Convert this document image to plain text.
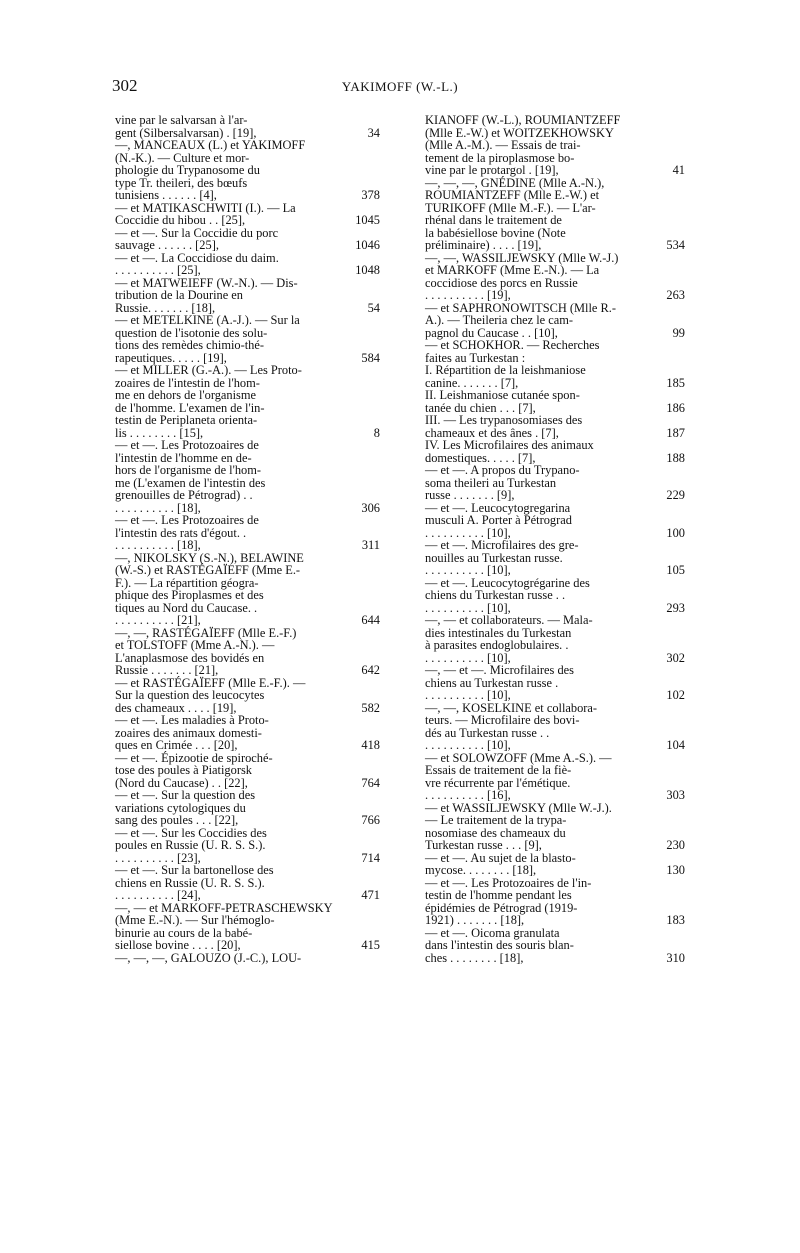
302	YAKIMOFF (W.-L.)
vine par le salvarsan à l'ar-
gent (Silbersalvarsan) . [19],	34
—, MANCEAUX (L.) et YAKIMOFF
(N.-K.). — Culture et mor-
phologie du Trypanosome du
type Tr. theileri, des bœufs
tunisiens . . . . . . [4],	378
— et MATIKASCHWITI (I.). — La
Coccidie du hibou . . [25],	1045
— et —. Sur la Coccidie du porc
sauvage . . . . . . [25],	1046
— et —. La Coccidiose du daim.
. . . . . . . . . . [25],	1048
— et MATWEIEFF (W.-N.). — Dis-
tribution de la Dourine en
Russie. . . . . . . [18],	54
— et METELKINE (A.-J.). — Sur la
question de l'isotonie des solu-
tions des remèdes chimio-thé-
rapeutiques. . . . . [19],	584
— et MILLER (G.-A.). — Les Proto-
zoaires de l'intestin de l'hom-
me en dehors de l'organisme
de l'homme. L'examen de l'in-
testin de Periplaneta orienta-
lis . . . . . . . . [15],	8
— et —. Les Protozoaires de
l'intestin de l'homme en de-
hors de l'organisme de l'hom-
me (L'examen de l'intestin des
grenouilles de Pétrograd) . .
. . . . . . . . . . [18],	306
— et —. Les Protozoaires de
l'intestin des rats d'égout. .
. . . . . . . . . . [18],	311
—, NIKOLSKY (S.-N.), BELAWINE
(W.-S.) et RASTÉGAÏEFF (Mme E.-
F.). — La répartition géogra-
phique des Piroplasmes et des
tiques au Nord du Caucase. .
. . . . . . . . . . [21],	644
—, —, RASTÉGAÏEFF (Mlle E.-F.)
et TOLSTOFF (Mme A.-N.). —
L'anaplasmose des bovidés en
Russie . . . . . . . [21],	642
— et RASTÉGAÏEFF (Mlle E.-F.). —
Sur la question des leucocytes
des chameaux . . . . [19],	582
— et —. Les maladies à Proto-
zoaires des animaux domesti-
ques en Crimée . . . [20],	418
— et —. Épizootie de spiroché-
tose des poules à Piatigorsk
(Nord du Caucase) . . [22],	764
— et —. Sur la question des
variations cytologiques du
sang des poules . . . [22],	766
— et —. Sur les Coccidies des
poules en Russie (U. R. S. S.).
. . . . . . . . . . [23],	714
— et —. Sur la bartonellose des
chiens en Russie (U. R. S. S.).
. . . . . . . . . . [24],	471
—, — et MARKOFF-PETRASCHEWSKY
(Mme E.-N.). — Sur l'hémoglo-
binurie au cours de la babé-
siellose bovine . . . . [20],	415
—, —, —, GALOUZO (J.-C.), LOU-
KIANOFF (W.-L.), ROUMIANTZEFF
(Mlle E.-W.) et WOITZEKHOWSKY
(Mlle A.-M.). — Essais de trai-
tement de la piroplasmose bo-
vine par le protargol . [19],	41
—, —, —, GNÉDINE (Mlle A.-N.),
ROUMIANTZEFF (Mlle E.-W.) et
TURIKOFF (Mlle M.-F.). — L'ar-
rhénal dans le traitement de
la babésiellose bovine (Note
préliminaire) . . . . [19],	534
—, —, WASSILJEWSKY (Mlle W.-J.)
et MARKOFF (Mme E.-N.). — La
coccidiose des porcs en Russie
. . . . . . . . . . [19],	263
— et SAPHRONOWITSCH (Mlle R.-
A.). — Theileria chez le cam-
pagnol du Caucase . . [10],	99
— et SCHOKHOR. — Recherches
faites au Turkestan :
I. Répartition de la leishmaniose
canine. . . . . . . [7],	185
II. Leishmaniose cutanée spon-
tanée du chien . . . [7],	186
III. — Les trypanosomiases des
chameaux et des ânes . [7],	187
IV. Les Microfilaires des animaux
domestiques. . . . . [7],	188
— et —. A propos du Trypano-
soma theileri au Turkestan
russe . . . . . . . [9],	229
— et —. Leucocytogregarina
musculi A. Porter à Pétrograd
. . . . . . . . . . [10],	100
— et —. Microfilaires des gre-
nouilles au Turkestan russe.
. . . . . . . . . . [10],	105
— et —. Leucocytogrégarine des
chiens du Turkestan russe . .
. . . . . . . . . . [10],	293
—, — et collaborateurs. — Mala-
dies intestinales du Turkestan
à parasites endoglobulaires. .
. . . . . . . . . . [10],	302
—, — et —. Microfilaires des
chiens au Turkestan russe .
. . . . . . . . . . [10],	102
—, —, KOSELKINE et collabora-
teurs. — Microfilaire des bovi-
dés au Turkestan russe . .
. . . . . . . . . . [10],	104
— et SOLOWZOFF (Mme A.-S.). —
Essais de traitement de la fiè-
vre récurrente par l'émétique.
. . . . . . . . . . [16],	303
— et WASSILJEWSKY (Mlle W.-J.).
— Le traitement de la trypa-
nosomiase des chameaux du
Turkestan russe . . . [9],	230
— et —. Au sujet de la blasto-
mycose. . . . . . . . [18],	130
— et —. Les Protozoaires de l'in-
testin de l'homme pendant les
épidémies de Pétrograd (1919-
1921) . . . . . . . [18],	183
— et —. Oicoma granulata
dans l'intestin des souris blan-
ches . . . . . . . . [18],	310
